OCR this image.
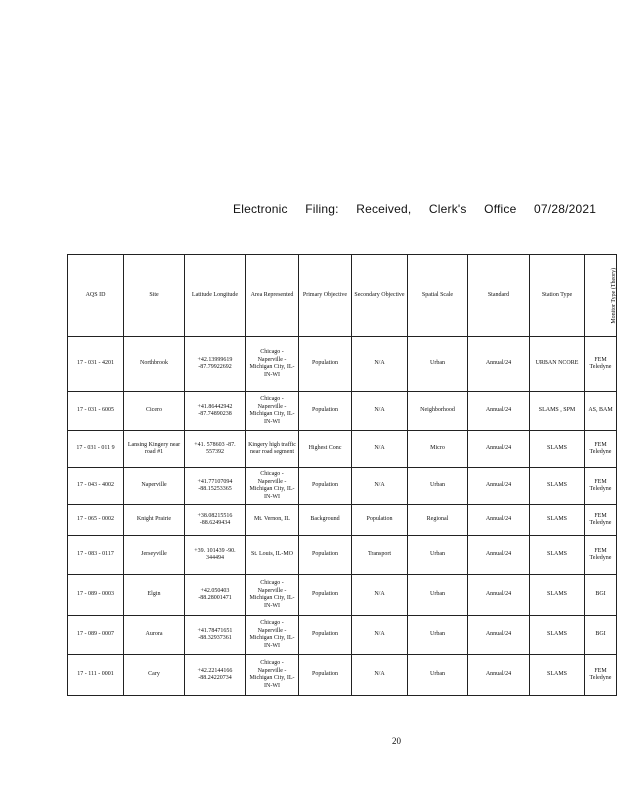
Electronic Filing: Received, Clerk's Office 07/28/2021
AQS ID	Site	Latitude Longitude	Area Represented	Primary Objective	Secondary Objective	Spatial Scale	Standard	Station Type	Monitor Type (Theory)
17 - 031 - 4201	Northbrook	+42.13999619 -87.79922692	Chicago - Naperville - Michigan City, IL-IN-WI	Population	N/A	Urban	Annual/24	URBAN NCORE	FEM Teledyne
17 - 031 - 6005	Cicero	+41.86442942 -87.74890238	Chicago - Naperville - Michigan City, IL-IN-WI	Population	N/A	Neighborhood	Annual/24	SLAMS , SPM	AS, BAM
17 - 031 - 011 9	Lansing Kingery near road #1	+41. 578603 -87. 557392	Kingery high traffic near road segment	Highest Conc	N/A	Micro	Annual/24	SLAMS	FEM Teledyne
17 - 043 - 4002	Naperville	+41.77107094 -88.15253365	Chicago - Naperville - Michigan City, IL-IN-WI	Population	N/A	Urban	Annual/24	SLAMS	FEM Teledyne
17 - 065 - 0002	Knight Prairie	+38.08215516 -88.6249434	Mt. Vernon, IL	Background	Population	Regional	Annual/24	SLAMS	FEM Teledyne
17 - 083 - 0117	Jerseyville	+39. 101439 -90. 344494	St. Louis, IL-MO	Population	Transport	Urban	Annual/24	SLAMS	FEM Teledyne
17 - 089 - 0003	Elgin	+42.050403 -88.28001471	Chicago - Naperville - Michigan City, IL-IN-WI	Population	N/A	Urban	Annual/24	SLAMS	BGI
17 - 089 - 0007	Aurora	+41.78471651 -88.32937361	Chicago - Naperville - Michigan City, IL-IN-WI	Population	N/A	Urban	Annual/24	SLAMS	BGI
17 - 111 - 0001	Cary	+42.22144166 -88.24220734	Chicago - Naperville - Michigan City, IL-IN-WI	Population	N/A	Urban	Annual/24	SLAMS	FEM Teledyne
20
